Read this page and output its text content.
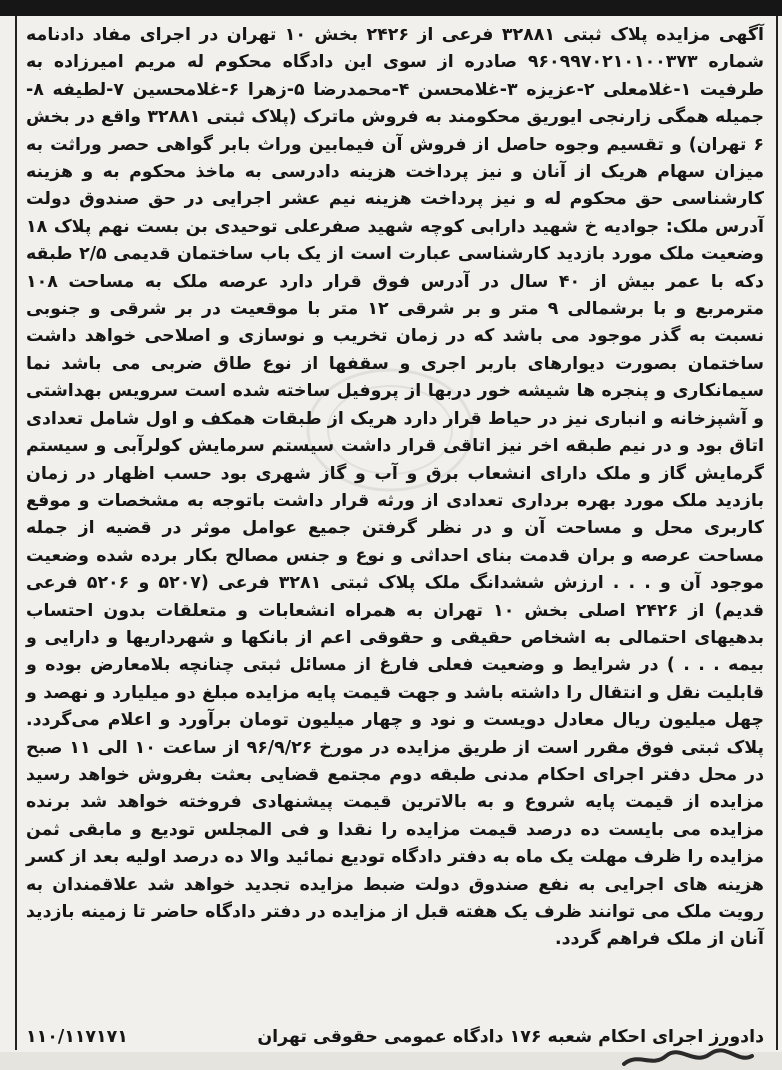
آگهی مزایده پلاک ثبتی ۳۲۸۸۱ فرعی از ۲۴۲۶ بخش ۱۰ تهران در اجرای مفاد دادنامه شماره ۹۶۰۹۹۷۰۲۱۰۱۰۰۳۷۳ صادره از سوی این دادگاه محکوم له مریم امیرزاده به طرفیت ۱-غلامعلی ۲-عزیزه ۳-غلامحسن ۴-محمدرضا ۵-زهرا ۶-غلامحسین ۷-لطیفه ۸- جمیله همگی زارنجی ایوریق محکومند به فروش ماترک (پلاک ثبتی ۳۲۸۸۱ واقع در بخش ۶ تهران) و تقسیم وجوه حاصل از فروش آن فیمابین وراث بابر گواهی حصر وراثت به میزان سهام هریک از آنان و نیز پرداخت هزینه دادرسی به ماخذ محکوم به و هزینه کارشناسی حق محکوم له و نیز پرداخت هزینه نیم عشر اجرایی در حق صندوق دولت آدرس ملک: جوادیه خ شهید دارابی کوچه شهید صفرعلی توحیدی بن بست نهم پلاک ۱۸ وضعیت ملک مورد بازدید کارشناسی عبارت است از یک باب ساختمان قدیمی ۲/۵ طبقه دکه با عمر بیش از ۴۰ سال در آدرس فوق قرار دارد عرصه ملک به مساحت ۱۰۸ مترمربع و با برشمالی ۹ متر و بر شرقی ۱۲ متر با موقعیت در بر شرقی و جنوبی نسبت به گذر موجود می باشد که در زمان تخریب و نوسازی و اصلاحی خواهد داشت ساختمان بصورت دیوارهای باربر اجری و سقفها از نوع طاق ضربی می باشد نما سیمانکاری و پنجره ها شیشه خور دربها از پروفیل ساخته شده است سرویس بهداشتی و آشپزخانه و انباری نیز در حیاط قرار دارد هریک از طبقات همکف و اول شامل تعدادی اتاق بود و در نیم طبقه اخر نیز اتاقی قرار داشت سیستم سرمایش کولرآبی و سیستم گرمایش گاز و ملک دارای انشعاب برق و آب و گاز شهری بود حسب اظهار در زمان بازدید ملک مورد بهره برداری تعدادی از ورثه قرار داشت باتوجه به مشخصات و موقع کاربری محل و مساحت آن و در نظر گرفتن جمیع عوامل موثر در قضیه از جمله مساحت عرصه و بران قدمت بنای احداثی و نوع و جنس مصالح بکار برده شده وضعیت موجود آن و . . . ارزش ششدانگ ملک پلاک ثبتی ۳۲۸۱ فرعی (۵۲۰۷ و ۵۲۰۶ فرعی قدیم) از ۲۴۲۶ اصلی بخش ۱۰ تهران به همراه انشعابات و متعلقات بدون احتساب بدهیهای احتمالی به اشخاص حقیقی و حقوقی اعم از بانکها و شهرداریها و دارایی و بیمه . . . ) در شرایط و وضعیت فعلی فارغ از مسائل ثبتی چنانچه بلامعارض بوده و قابلیت نقل و انتقال را داشته باشد و جهت قیمت پایه مزایده مبلغ دو میلیارد و نهصد و چهل میلیون ریال معادل دویست و نود و چهار میلیون تومان برآورد و اعلام می‌گردد. پلاک ثبتی فوق مقرر است از طریق مزایده در مورخ ۹۶/۹/۲۶ از ساعت ۱۰ الی ۱۱ صبح در محل دفتر اجرای احکام مدنی طبقه دوم مجتمع قضایی بعثت بفروش خواهد رسید مزایده از قیمت پایه شروع و به بالاترین قیمت پیشنهادی فروخته خواهد شد برنده مزایده می بایست ده درصد قیمت مزایده را نقدا و فی المجلس تودیع و مابقی ثمن مزایده را ظرف مهلت یک ماه به دفتر دادگاه تودیع نمائید والا ده درصد اولیه بعد از کسر هزینه های اجرایی به نفع صندوق دولت ضبط مزایده تجدید خواهد شد علاقمندان به رویت ملک می توانند ظرف یک هفته قبل از مزایده در دفتر دادگاه حاضر تا زمینه بازدید آنان از ملک فراهم گردد.

دادورز اجرای احکام شعبه ۱۷۶ دادگاه عمومی حقوقی تهران
۱۱۰/۱۱۷۱۷۱
